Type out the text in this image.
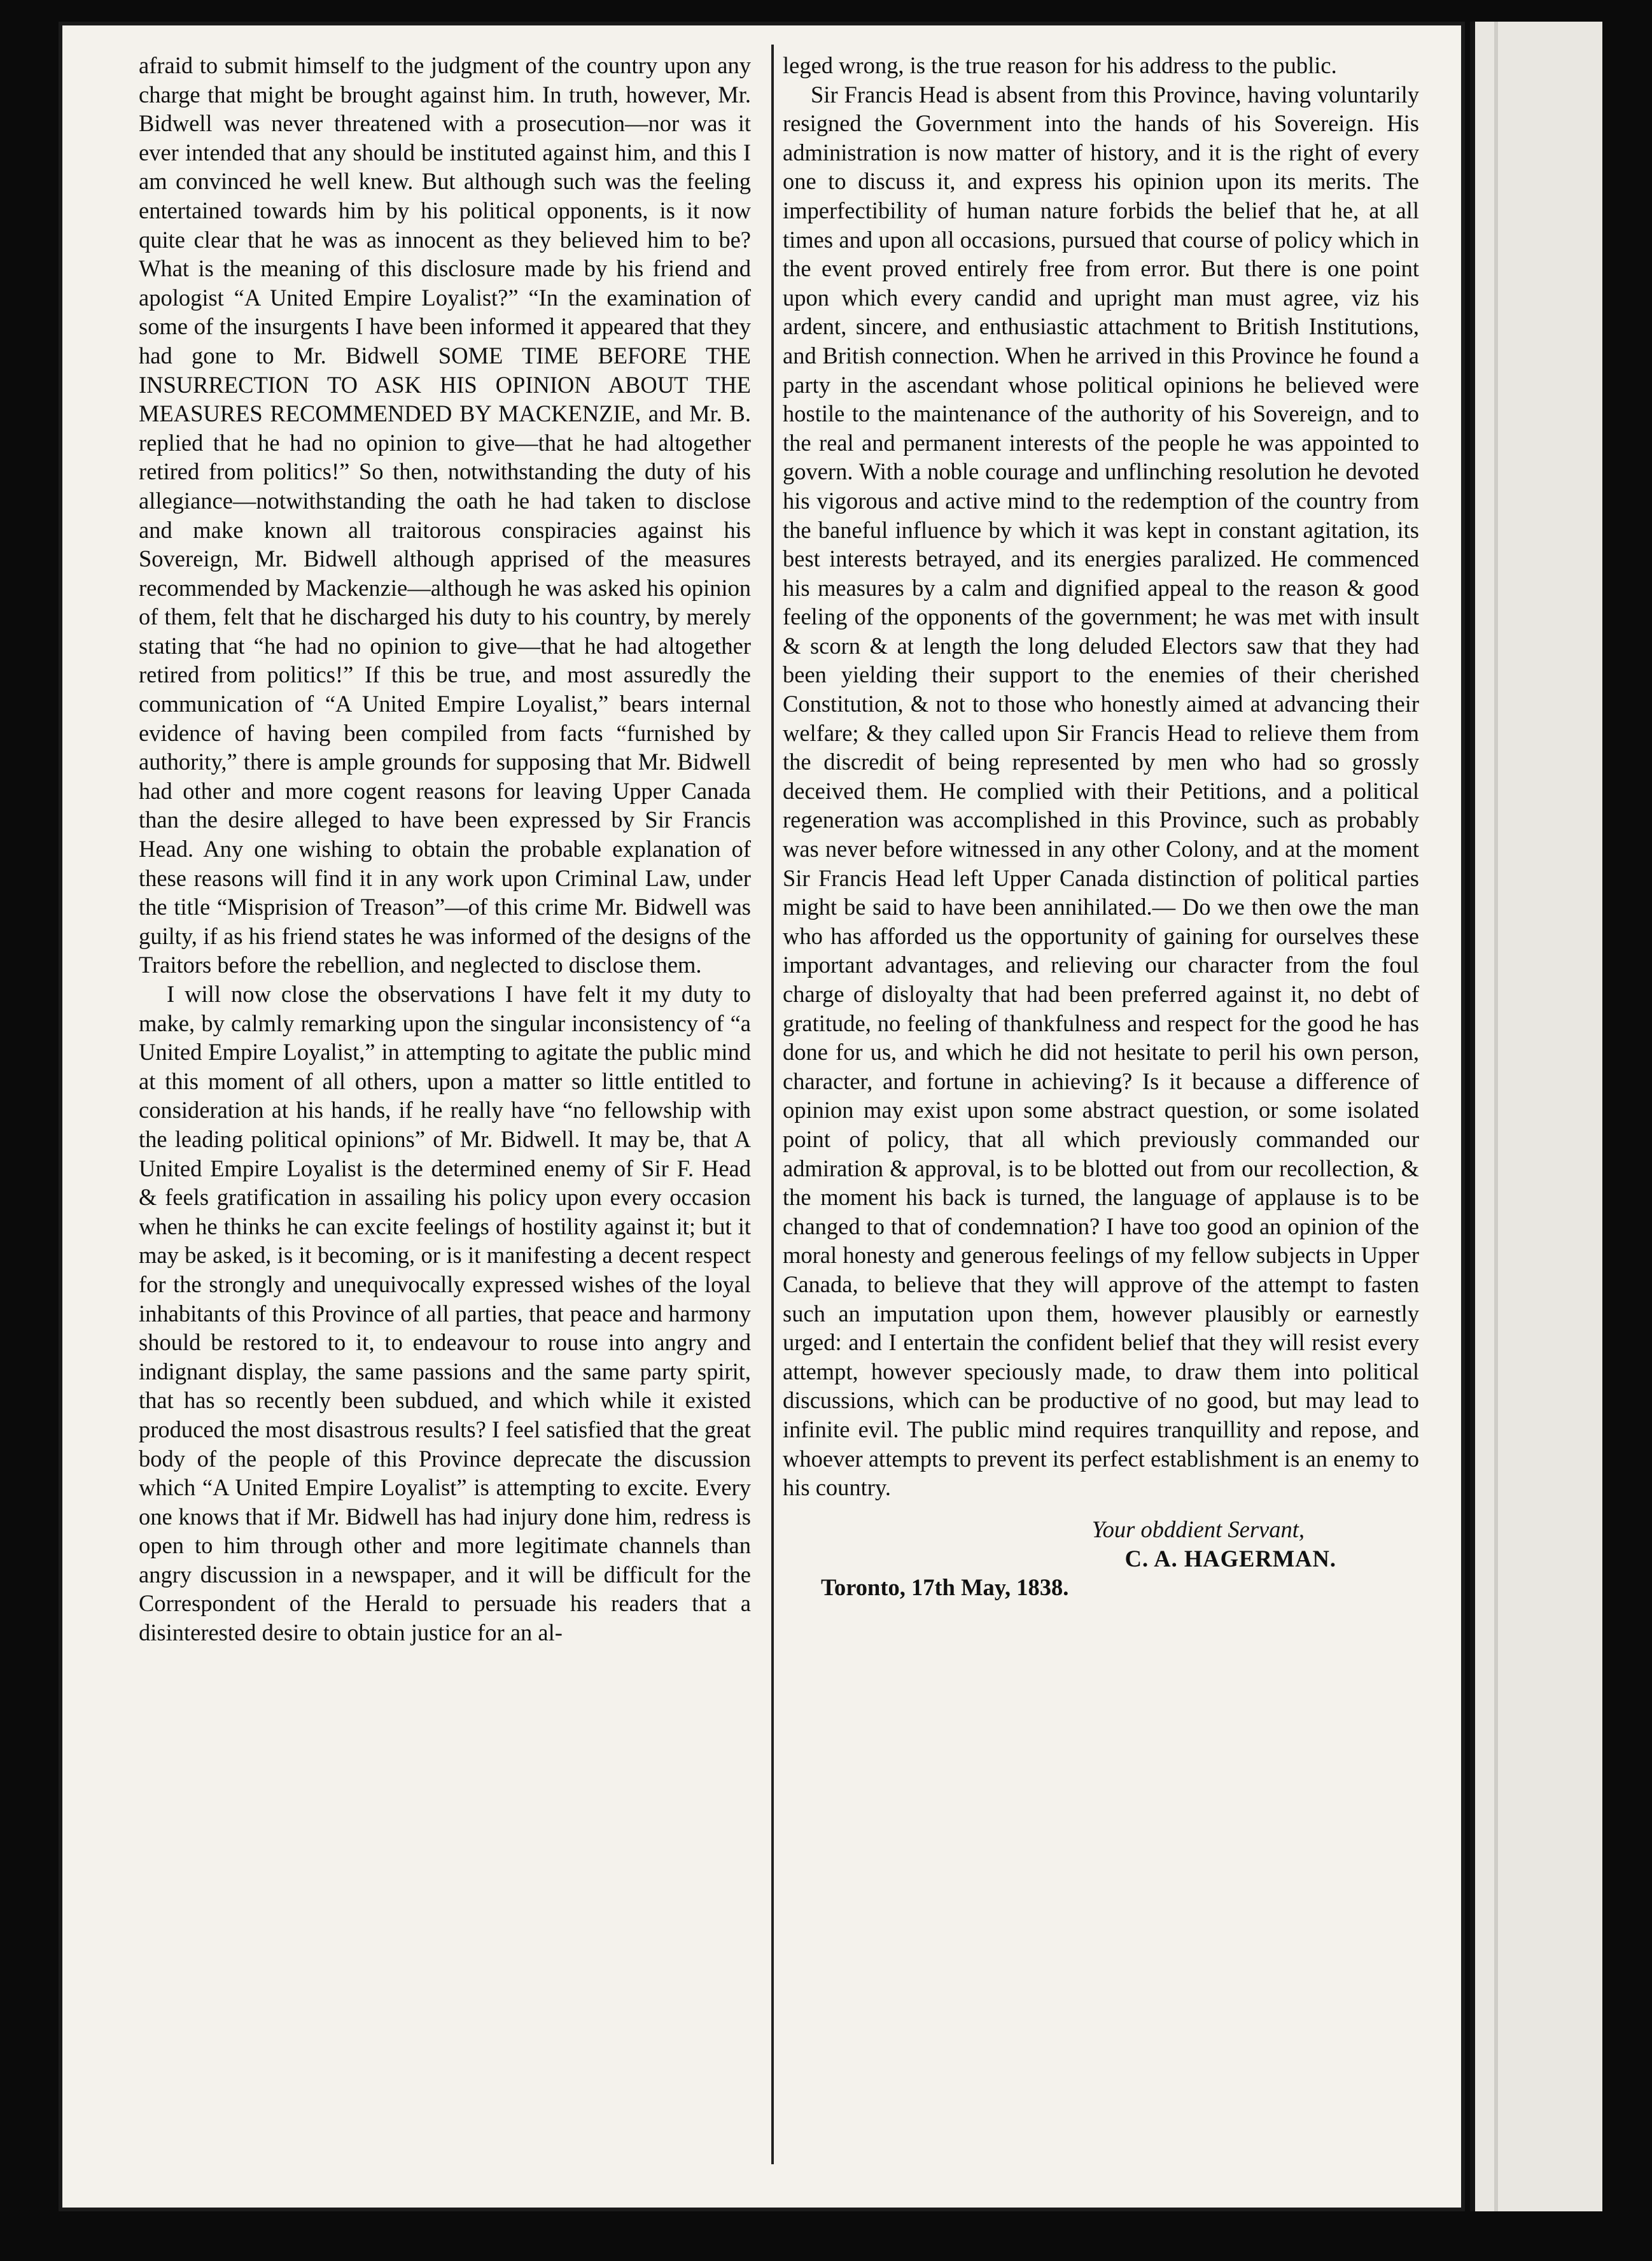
afraid to submit himself to the judgment of the country upon any charge that might be brought against him. In truth, however, Mr. Bidwell was never threatened with a prosecution—nor was it ever intended that any should be instituted against him, and this I am convinced he well knew. But although such was the feeling entertained towards him by his political opponents, is it now quite clear that he was as innocent as they believed him to be? What is the meaning of this disclosure made by his friend and apologist “A United Empire Loyalist?” “In the examination of some of the insurgents I have been informed it appeared that they had gone to Mr. Bidwell SOME TIME BEFORE THE INSURRECTION TO ASK HIS OPINION ABOUT THE MEASURES RECOMMENDED BY MACKENZIE, and Mr. B. replied that he had no opinion to give—that he had altogether retired from politics!” So then, notwithstanding the duty of his allegiance—notwithstanding the oath he had taken to disclose and make known all traitorous conspiracies against his Sovereign, Mr. Bidwell although apprised of the measures recommended by Mackenzie—although he was asked his opinion of them, felt that he discharged his duty to his country, by merely stating that “he had no opinion to give—that he had altogether retired from politics!” If this be true, and most assuredly the communication of “A United Empire Loyalist,” bears internal evidence of having been compiled from facts “furnished by authority,” there is ample grounds for supposing that Mr. Bidwell had other and more cogent reasons for leaving Upper Canada than the desire alleged to have been expressed by Sir Francis Head. Any one wishing to obtain the probable explanation of these reasons will find it in any work upon Criminal Law, under the title “Misprision of Treason”—of this crime Mr. Bidwell was guilty, if as his friend states he was informed of the designs of the Traitors before the rebellion, and neglected to disclose them.

I will now close the observations I have felt it my duty to make, by calmly remarking upon the singular inconsistency of “a United Empire Loyalist,” in attempting to agitate the public mind at this moment of all others, upon a matter so little entitled to consideration at his hands, if he really have “no fellowship with the leading political opinions” of Mr. Bidwell. It may be, that A United Empire Loyalist is the determined enemy of Sir F. Head & feels gratification in assailing his policy upon every occasion when he thinks he can excite feelings of hostility against it; but it may be asked, is it becoming, or is it manifesting a decent respect for the strongly and unequivocally expressed wishes of the loyal inhabitants of this Province of all parties, that peace and harmony should be restored to it, to endeavour to rouse into angry and indignant display, the same passions and the same party spirit, that has so recently been subdued, and which while it existed produced the most disastrous results? I feel satisfied that the great body of the people of this Province deprecate the discussion which “A United Empire Loyalist” is attempting to excite. Every one knows that if Mr. Bidwell has had injury done him, redress is open to him through other and more legitimate channels than angry discussion in a newspaper, and it will be difficult for the Correspondent of the Herald to persuade his readers that a disinterested desire to obtain justice for an al-

leged wrong, is the true reason for his address to the public.

Sir Francis Head is absent from this Province, having voluntarily resigned the Government into the hands of his Sovereign. His administration is now matter of history, and it is the right of every one to discuss it, and express his opinion upon its merits. The imperfectibility of human nature forbids the belief that he, at all times and upon all occasions, pursued that course of policy which in the event proved entirely free from error. But there is one point upon which every candid and upright man must agree, viz his ardent, sincere, and enthusiastic attachment to British Institutions, and British connection. When he arrived in this Province he found a party in the ascendant whose political opinions he believed were hostile to the maintenance of the authority of his Sovereign, and to the real and permanent interests of the people he was appointed to govern. With a noble courage and unflinching resolution he devoted his vigorous and active mind to the redemption of the country from the baneful influence by which it was kept in constant agitation, its best interests betrayed, and its energies paralized. He commenced his measures by a calm and dignified appeal to the reason & good feeling of the opponents of the government; he was met with insult & scorn & at length the long deluded Electors saw that they had been yielding their support to the enemies of their cherished Constitution, & not to those who honestly aimed at advancing their welfare; & they called upon Sir Francis Head to relieve them from the discredit of being represented by men who had so grossly deceived them. He complied with their Petitions, and a political regeneration was accomplished in this Province, such as probably was never before witnessed in any other Colony, and at the moment Sir Francis Head left Upper Canada distinction of political parties might be said to have been annihilated.— Do we then owe the man who has afforded us the opportunity of gaining for ourselves these important advantages, and relieving our character from the foul charge of disloyalty that had been preferred against it, no debt of gratitude, no feeling of thankfulness and respect for the good he has done for us, and which he did not hesitate to peril his own person, character, and fortune in achieving? Is it because a difference of opinion may exist upon some abstract question, or some isolated point of policy, that all which previously commanded our admiration & approval, is to be blotted out from our recollection, & the moment his back is turned, the language of applause is to be changed to that of condemnation? I have too good an opinion of the moral honesty and generous feelings of my fellow subjects in Upper Canada, to believe that they will approve of the attempt to fasten such an imputation upon them, however plausibly or earnestly urged: and I entertain the confident belief that they will resist every attempt, however speciously made, to draw them into political discussions, which can be productive of no good, but may lead to infinite evil. The public mind requires tranquillity and repose, and whoever attempts to prevent its perfect establishment is an enemy to his country.

Your obddient Servant,
C. A. HAGERMAN.
Toronto, 17th May, 1838.
